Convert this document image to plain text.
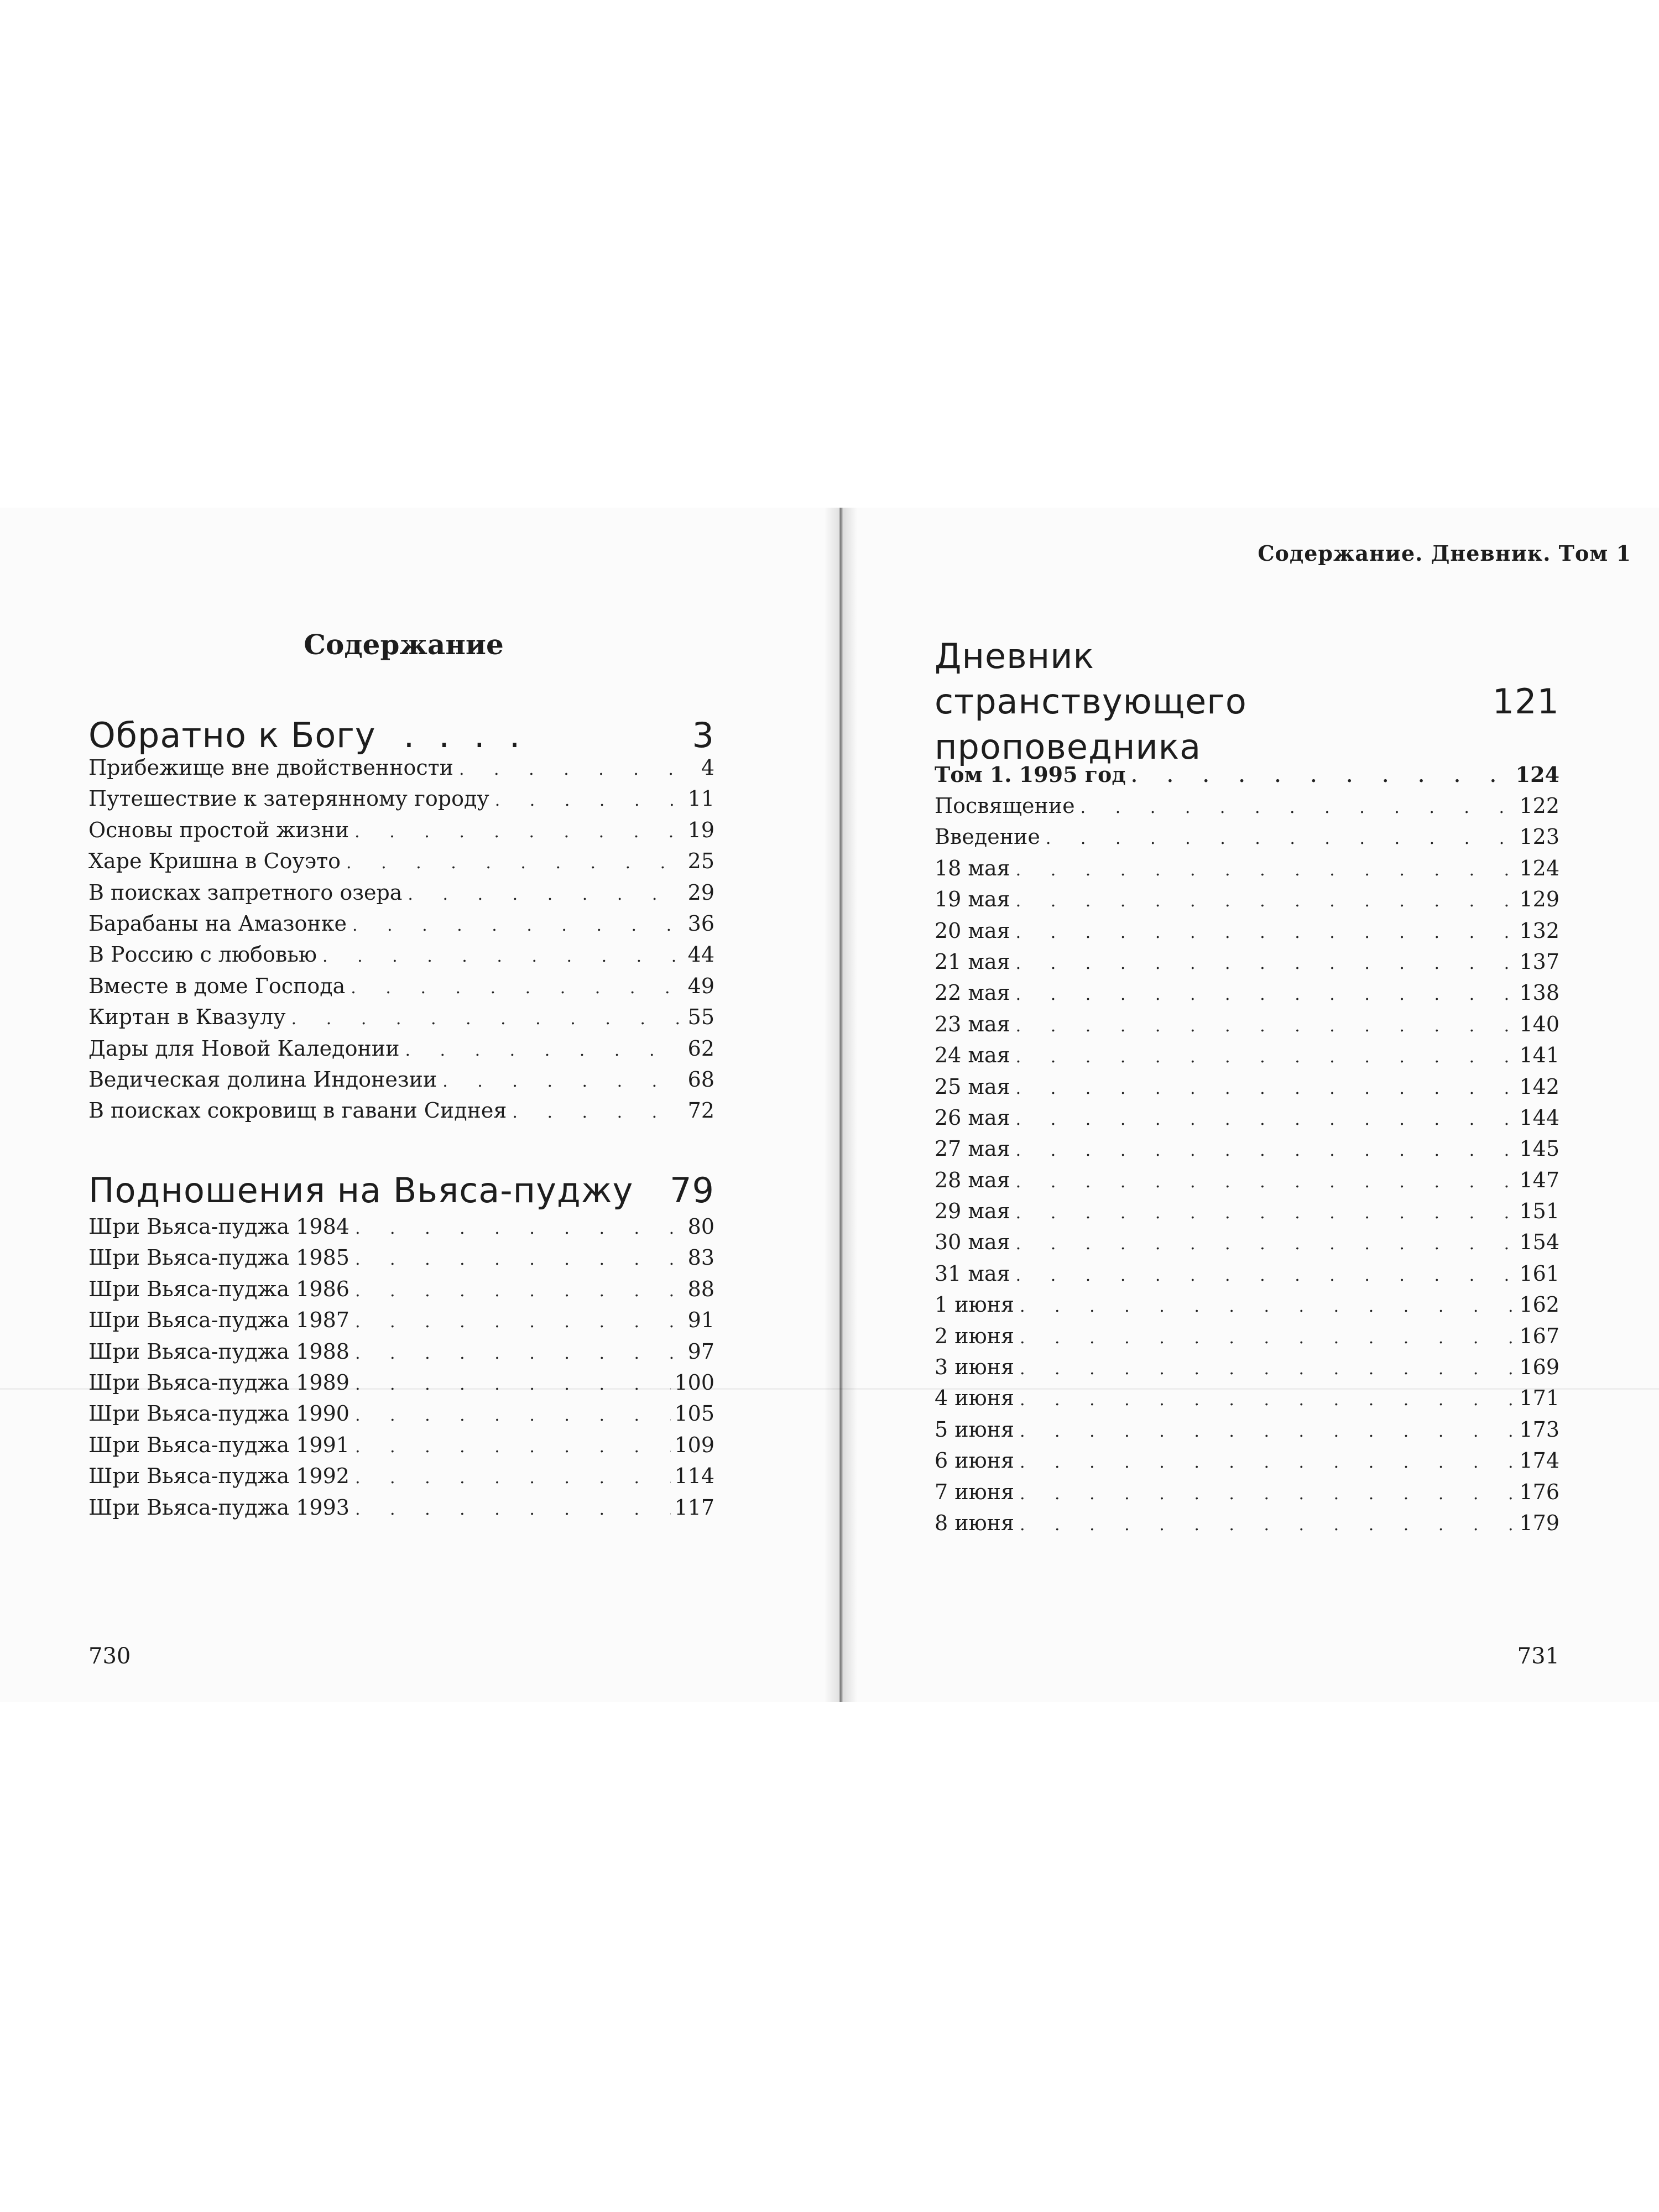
Содержание
Обратно к Богу ....	3
Прибежище вне двойственности . . .	4
Путешествие к затерянному городу . . .	11
Основы простой жизни . . .	19
Харе Кришна в Соуэто . . .	25
В поисках запретного озера . . .	29
Барабаны на Амазонке . . .	36
В Россию с любовью . . .	44
Вместе в доме Господа . . .	49
Киртан в Квазулу . . .	55
Дары для Новой Каледонии . . .	62
Ведическая долина Индонезии . . .	68
В поисках сокровищ в гавани Сиднея . . .	72
Подношения на Вьяса-пуджу 79
Шри Вьяса-пуджа 1984 . . .	80
Шри Вьяса-пуджа 1985 . . .	83
Шри Вьяса-пуджа 1986 . . .	88
Шри Вьяса-пуджа 1987 . . .	91
Шри Вьяса-пуджа 1988 . . .	97
Шри Вьяса-пуджа 1989 . . .	100
Шри Вьяса-пуджа 1990 . . .	105
Шри Вьяса-пуджа 1991 . . .	109
Шри Вьяса-пуджа 1992 . . .	114
Шри Вьяса-пуджа 1993 . . .	117
730
Содержание. Дневник. Том 1
Дневник
странствующего проповедника
121
Том 1. 1995 год . . .	124
Посвящение . . .	122
Введение . . .	123
18 мая . . .	124
19 мая . . .	129
20 мая . . .	132
21 мая . . .	137
22 мая . . .	138
23 мая . . .	140
24 мая . . .	141
25 мая . . .	142
26 мая . . .	144
27 мая . . .	145
28 мая . . .	147
29 мая . . .	151
30 мая . . .	154
31 мая . . .	161
1 июня . . .	162
2 июня . . .	167
3 июня . . .	169
4 июня . . .	171
5 июня . . .	173
6 июня . . .	174
7 июня . . .	176
8 июня . . .	179
731
